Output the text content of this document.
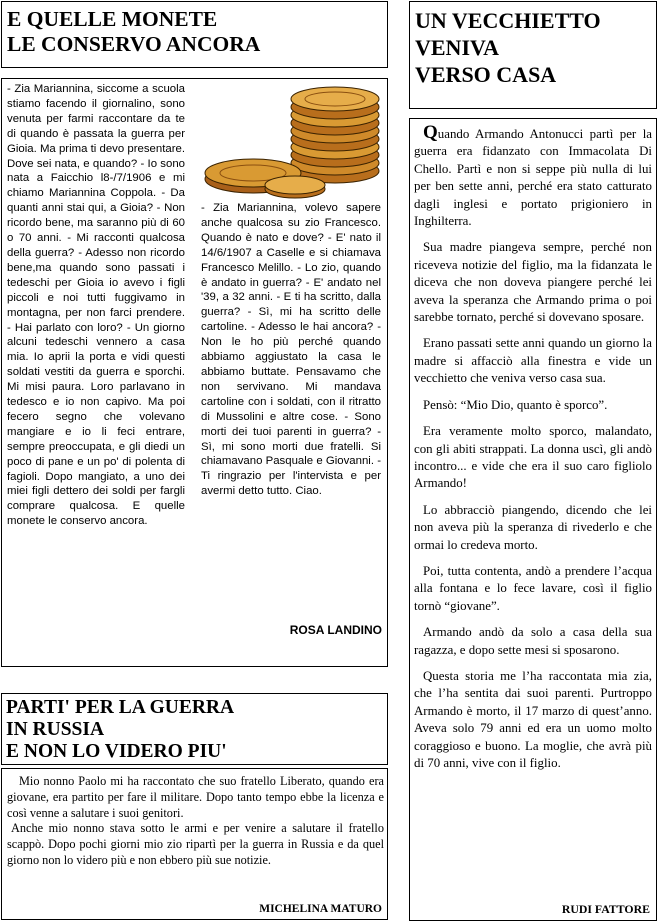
E QUELLE MONETE
LE CONSERVO ANCORA
- Zia Mariannina, siccome a scuola stiamo facendo il giornalino, sono venuta per farmi raccontare da te di quando è passata la guerra per Gioia. Ma prima ti devo presentare. Dove sei nata, e quando? - Io sono nata a Faicchio l8-/7/1906 e mi chiamo Mariannina Coppola. - Da quanti anni stai qui, a Gioia? - Non ricordo bene, ma saranno più di 60 o 70 anni. - Mi racconti qualcosa della guerra? - Adesso non ricordo bene,ma quando sono passati i tedeschi per Gioia io avevo i figli piccoli e noi tutti fuggivamo in montagna, per non farci prendere. - Hai parlato con loro? - Un giorno alcuni tedeschi vennero a casa mia. Io aprii la porta e vidi questi soldati vestiti da guerra e sporchi. Mi misi paura. Loro parlavano in tedesco e io non capivo. Ma poi fecero segno che volevano mangiare e io li feci entrare, sempre preoccupata, e gli diedi un poco di pane e un po' di polenta di fagioli. Dopo mangiato, a uno dei miei figli dettero dei soldi per fargli comprare qualcosa. E quelle monete le conservo ancora.
- Zia Mariannina, volevo sapere anche qualcosa su zio Francesco. Quando è nato e dove? - E' nato il 14/6/1907 a Caselle e si chiamava Francesco Melillo. - Lo zio, quando è andato in guerra? - E' andato nel '39, a 32 anni. - E ti ha scritto, dalla guerra? - Sì, mi ha scritto delle cartoline. - Adesso le hai ancora? - Non le ho più perché quando abbiamo aggiustato la casa le abbiamo buttate. Pensavamo che non servivano. Mi mandava cartoline con i soldati, con il ritratto di Mussolini e altre cose. - Sono morti dei tuoi parenti in guerra? - Sì, mi sono morti due fratelli. Si chiamavano Pasquale e Giovanni. - Ti ringrazio per l'intervista e per avermi detto tutto. Ciao.
ROSA LANDINO
PARTI' PER LA GUERRA
IN RUSSIA
E NON LO VIDERO PIU'

Mio nonno Paolo mi ha raccontato che suo fratello Liberato, quando era giovane, era partito per fare il militare. Dopo tanto tempo ebbe la licenza e così venne a salutare i suoi genitori.

Anche mio nonno stava sotto le armi e per venire a salutare il fratello scappò. Dopo pochi giorni mio zio ripartì per la guerra in Russia e da quel giorno non lo videro più e non ebbero più sue notizie.

MICHELINA MATURO
UN VECCHIETTO
VENIVA
VERSO CASA

Quando Armando Antonucci partì per la guerra era fidanzato con Immacolata Di Chello. Partì e non si seppe più nulla di lui per ben sette anni, perché era stato catturato dagli inglesi e portato prigioniero in Inghilterra.

Sua madre piangeva sempre, perché non riceveva notizie del figlio, ma la fidanzata le diceva che non doveva piangere perché lei aveva la speranza che Armando prima o poi sarebbe tornato, perché si dovevano sposare.

Erano passati sette anni quando un giorno la madre si affacciò alla finestra e vide un vecchietto che veniva verso casa sua.

Pensò: “Mio Dio, quanto è sporco”.

Era veramente molto sporco, malandato, con gli abiti strappati. La donna uscì, gli andò incontro... e vide che era il suo caro figliolo Armando!

Lo abbracciò piangendo, dicendo che lei non aveva più la speranza di rivederlo e che ormai lo credeva morto.

Poi, tutta contenta, andò a prendere l’acqua alla fontana e lo fece lavare, così il figlio tornò “giovane”.

Armando andò da solo a casa della sua ragazza, e dopo sette mesi si sposarono.

Questa storia me l’ha raccontata mia zia, che l’ha sentita dai suoi parenti. Purtroppo Armando è morto, il 17 marzo di quest’anno. Aveva solo 79 anni ed era un uomo molto coraggioso e buono. La moglie, che avrà più di 70 anni, vive con il figlio.

RUDI FATTORE
